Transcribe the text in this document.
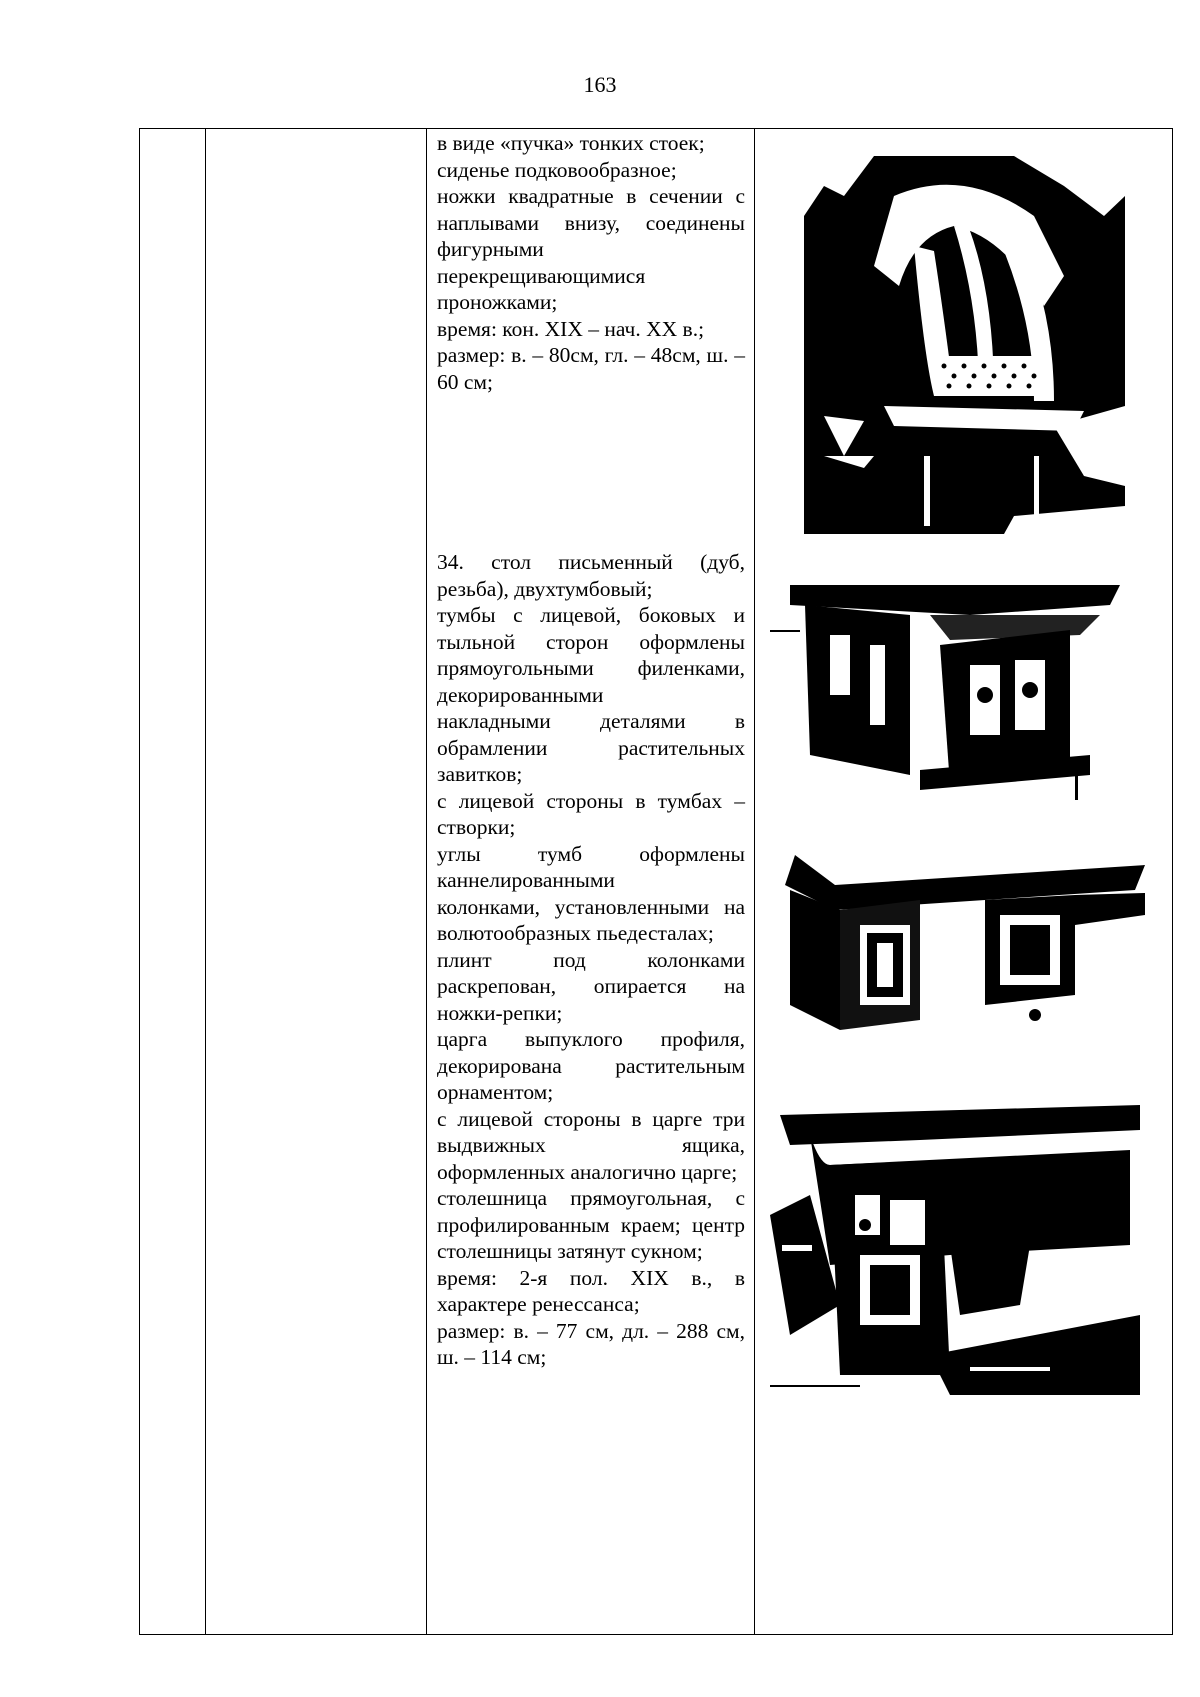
163

в виде «пучка» тонких стоек;

сиденье подковообразное;

ножки квадратные в сечении с наплывами внизу, соединены фигурными перекрещивающимися проножками;

время: кон. XIX – нач. XX в.;

размер: в. – 80см, гл. – 48см, ш. – 60 см;

34. стол письменный (дуб, резьба), двухтумбовый;

тумбы с лицевой, боковых и тыльной сторон оформлены прямоугольными филенками, декорированными

накладными деталями в обрамлении растительных завитков;

с лицевой стороны в тумбах – створки;

углы тумб оформлены каннелированными

колонками, установленными на волютообразных пьедесталах;

плинт под колонками раскрепован, опирается на ножки-репки;

царга выпуклого профиля, декорирована растительным орнаментом;

с лицевой стороны в царге три выдвижных ящика, оформленных аналогично царге;

столешница прямоугольная, с профилированным краем; центр столешницы затянут сукном;

время: 2-я пол. XIX в., в характере ренессанса;

размер: в. – 77 см, дл. – 288 см, ш. – 114 см;
